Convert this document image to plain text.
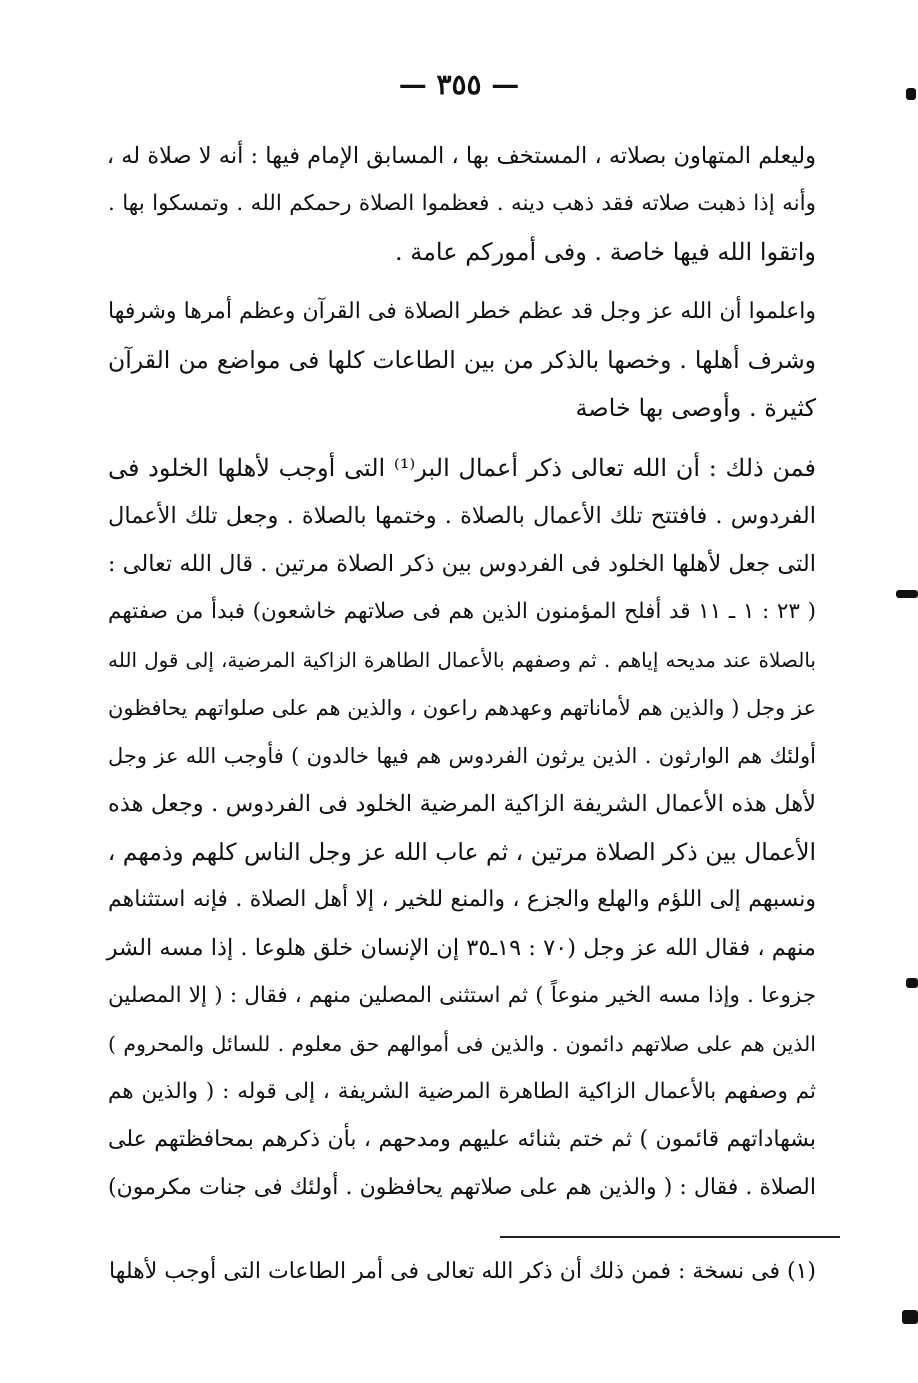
— ٣٥٥ —
وليعلم المتهاون بصلاته ، المستخف بها ، المسابق الإمام فيها : أنه لا صلاة له ،
وأنه إذا ذهبت صلاته فقد ذهب دينه . فعظموا الصلاة رحمكم الله . وتمسكوا بها .
واتقوا الله فيها خاصة . وفى أموركم عامة .
واعلموا أن الله عز وجل قد عظم خطر الصلاة فى القرآن وعظم أمرها وشرفها
وشرف أهلها . وخصها بالذكر من بين الطاعات كلها فى مواضع من القرآن
كثيرة . وأوصى بها خاصة
فمن ذلك : أن الله تعالى ذكر أعمال البر⁽¹⁾ التى أوجب لأهلها الخلود فى
الفردوس . فافتتح تلك الأعمال بالصلاة . وختمها بالصلاة . وجعل تلك الأعمال
التى جعل لأهلها الخلود فى الفردوس بين ذكر الصلاة مرتين . قال الله تعالى :
( ٢٣ : ١ ـ ١١ قد أفلح المؤمنون الذين هم فى صلاتهم خاشعون) فبدأ من صفتهم
بالصلاة عند مديحه إياهم . ثم وصفهم بالأعمال الطاهرة الزاكية المرضية، إلى قول الله
عز وجل ( والذين هم لأماناتهم وعهدهم راعون ، والذين هم على صلواتهم يحافظون
أولئك هم الوارثون . الذين يرثون الفردوس هم فيها خالدون ) فأوجب الله عز وجل
لأهل هذه الأعمال الشريفة الزاكية المرضية الخلود فى الفردوس . وجعل هذه
الأعمال بين ذكر الصلاة مرتين ، ثم عاب الله عز وجل الناس كلهم وذمهم ،
ونسبهم إلى اللؤم والهلع والجزع ، والمنع للخير ، إلا أهل الصلاة . فإنه استثناهم
منهم ، فقال الله عز وجل (٧٠ : ١٩ـ٣٥ إن الإنسان خلق هلوعا . إذا مسه الشر
جزوعا . وإذا مسه الخير منوعاً ) ثم استثنى المصلين منهم ، فقال : ( إلا المصلين
الذين هم على صلاتهم دائمون . والذين فى أموالهم حق معلوم . للسائل والمحروم )
ثم وصفهم بالأعمال الزاكية الطاهرة المرضية الشريفة ، إلى قوله : ( والذين هم
بشهاداتهم قائمون ) ثم ختم بثنائه عليهم ومدحهم ، بأن ذكرهم بمحافظتهم على
الصلاة . فقال : ( والذين هم على صلاتهم يحافظون . أولئك فى جنات مكرمون)
(١) فى نسخة : فمن ذلك أن ذكر الله تعالى فى أمر الطاعات التى أوجب لأهلها
